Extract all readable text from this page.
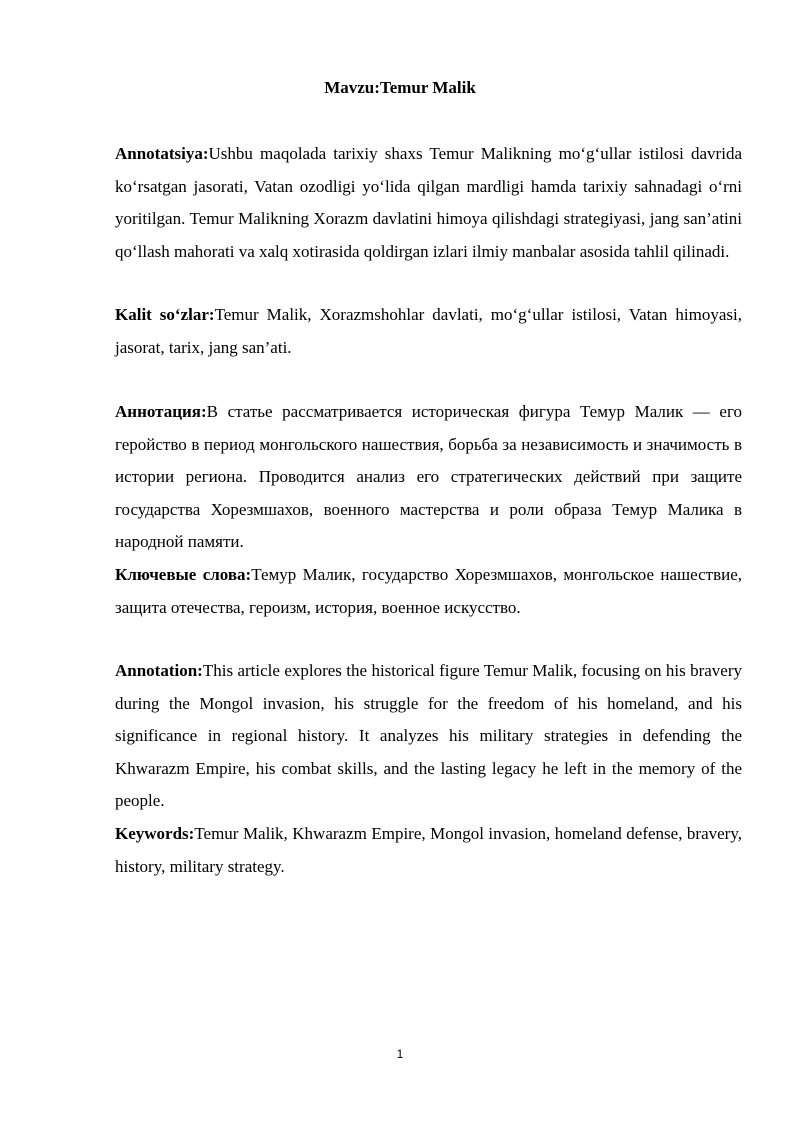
Mavzu:Temur Malik

Annotatsiya:Ushbu maqolada tarixiy shaxs Temur Malikning mo‘g‘ullar istilosi davrida ko‘rsatgan jasorati, Vatan ozodligi yo‘lida qilgan mardligi hamda tarixiy sahnadagi o‘rni yoritilgan. Temur Malikning Xorazm davlatini himoya qilishdagi strategiyasi, jang san’atini qo‘llash mahorati va xalq xotirasida qoldirgan izlari ilmiy manbalar asosida tahlil qilinadi.

Kalit so‘zlar:Temur Malik, Xorazmshohlar davlati, mo‘g‘ullar istilosi, Vatan himoyasi, jasorat, tarix, jang san’ati.

Аннотация:В статье рассматривается историческая фигура Темур Малик — его геройство в период монгольского нашествия, борьба за независимость и значимость в истории региона. Проводится анализ его стратегических действий при защите государства Хорезмшахов, военного мастерства и роли образа Темур Малика в народной памяти.

Ключевые слова:Темур Малик, государство Хорезмшахов, монгольское нашествие, защита отечества, героизм, история, военное искусство.

Annotation:This article explores the historical figure Temur Malik, focusing on his bravery during the Mongol invasion, his struggle for the freedom of his homeland, and his significance in regional history. It analyzes his military strategies in defending the Khwarazm Empire, his combat skills, and the lasting legacy he left in the memory of the people.

Keywords:Temur Malik, Khwarazm Empire, Mongol invasion, homeland defense, bravery, history, military strategy.

1
